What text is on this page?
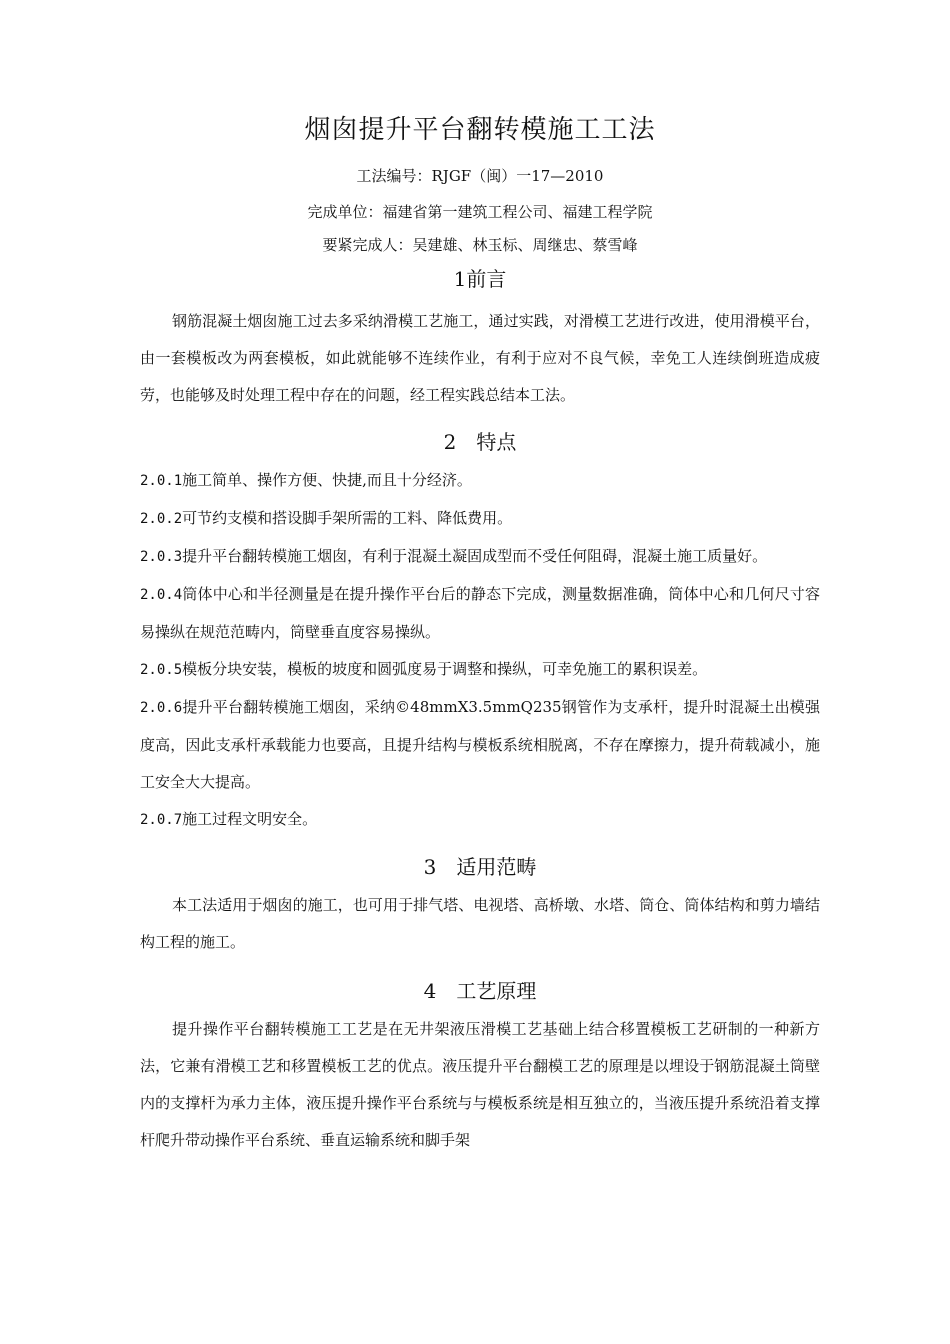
烟囱提升平台翻转模施工工法

工法编号：RJGF（闽）一17—2010

完成单位：福建省第一建筑工程公司、福建工程学院

要紧完成人：吴建雄、林玉标、周继忠、蔡雪峰

1前言

钢筋混凝土烟囱施工过去多采纳滑模工艺施工，通过实践，对滑模工艺进行改进，使用滑模平台，由一套模板改为两套模板，如此就能够不连续作业，有利于应对不良气候，幸免工人连续倒班造成疲劳，也能够及时处理工程中存在的问题，经工程实践总结本工法。

2　特点

2.0.1施工简单、操作方便、快捷,而且十分经济。

2.0.2可节约支模和搭设脚手架所需的工料、降低费用。

2.0.3提升平台翻转模施工烟囱，有利于混凝土凝固成型而不受任何阻碍，混凝土施工质量好。

2.0.4筒体中心和半径测量是在提升操作平台后的静态下完成，测量数据准确，筒体中心和几何尺寸容易操纵在规范范畴内，筒壁垂直度容易操纵。

2.0.5模板分块安装，模板的坡度和圆弧度易于调整和操纵，可幸免施工的累积误差。

2.0.6提升平台翻转模施工烟囱，采纳©48mmX3.5mmQ235钢管作为支承杆，提升时混凝土出模强度高，因此支承杆承载能力也要高，且提升结构与模板系统相脱离，不存在摩擦力，提升荷载减小，施工安全大大提高。

2.0.7施工过程文明安全。

3　适用范畴

本工法适用于烟囱的施工，也可用于排气塔、电视塔、高桥墩、水塔、筒仓、筒体结构和剪力墙结构工程的施工。

4　工艺原理

提升操作平台翻转模施工工艺是在无井架液压滑模工艺基础上结合移置模板工艺研制的一种新方法，它兼有滑模工艺和移置模板工艺的优点。液压提升平台翻模工艺的原理是以埋设于钢筋混凝土筒壁内的支撑杆为承力主体，液压提升操作平台系统与与模板系统是相互独立的，当液压提升系统沿着支撑杆爬升带动操作平台系统、垂直运输系统和脚手架
